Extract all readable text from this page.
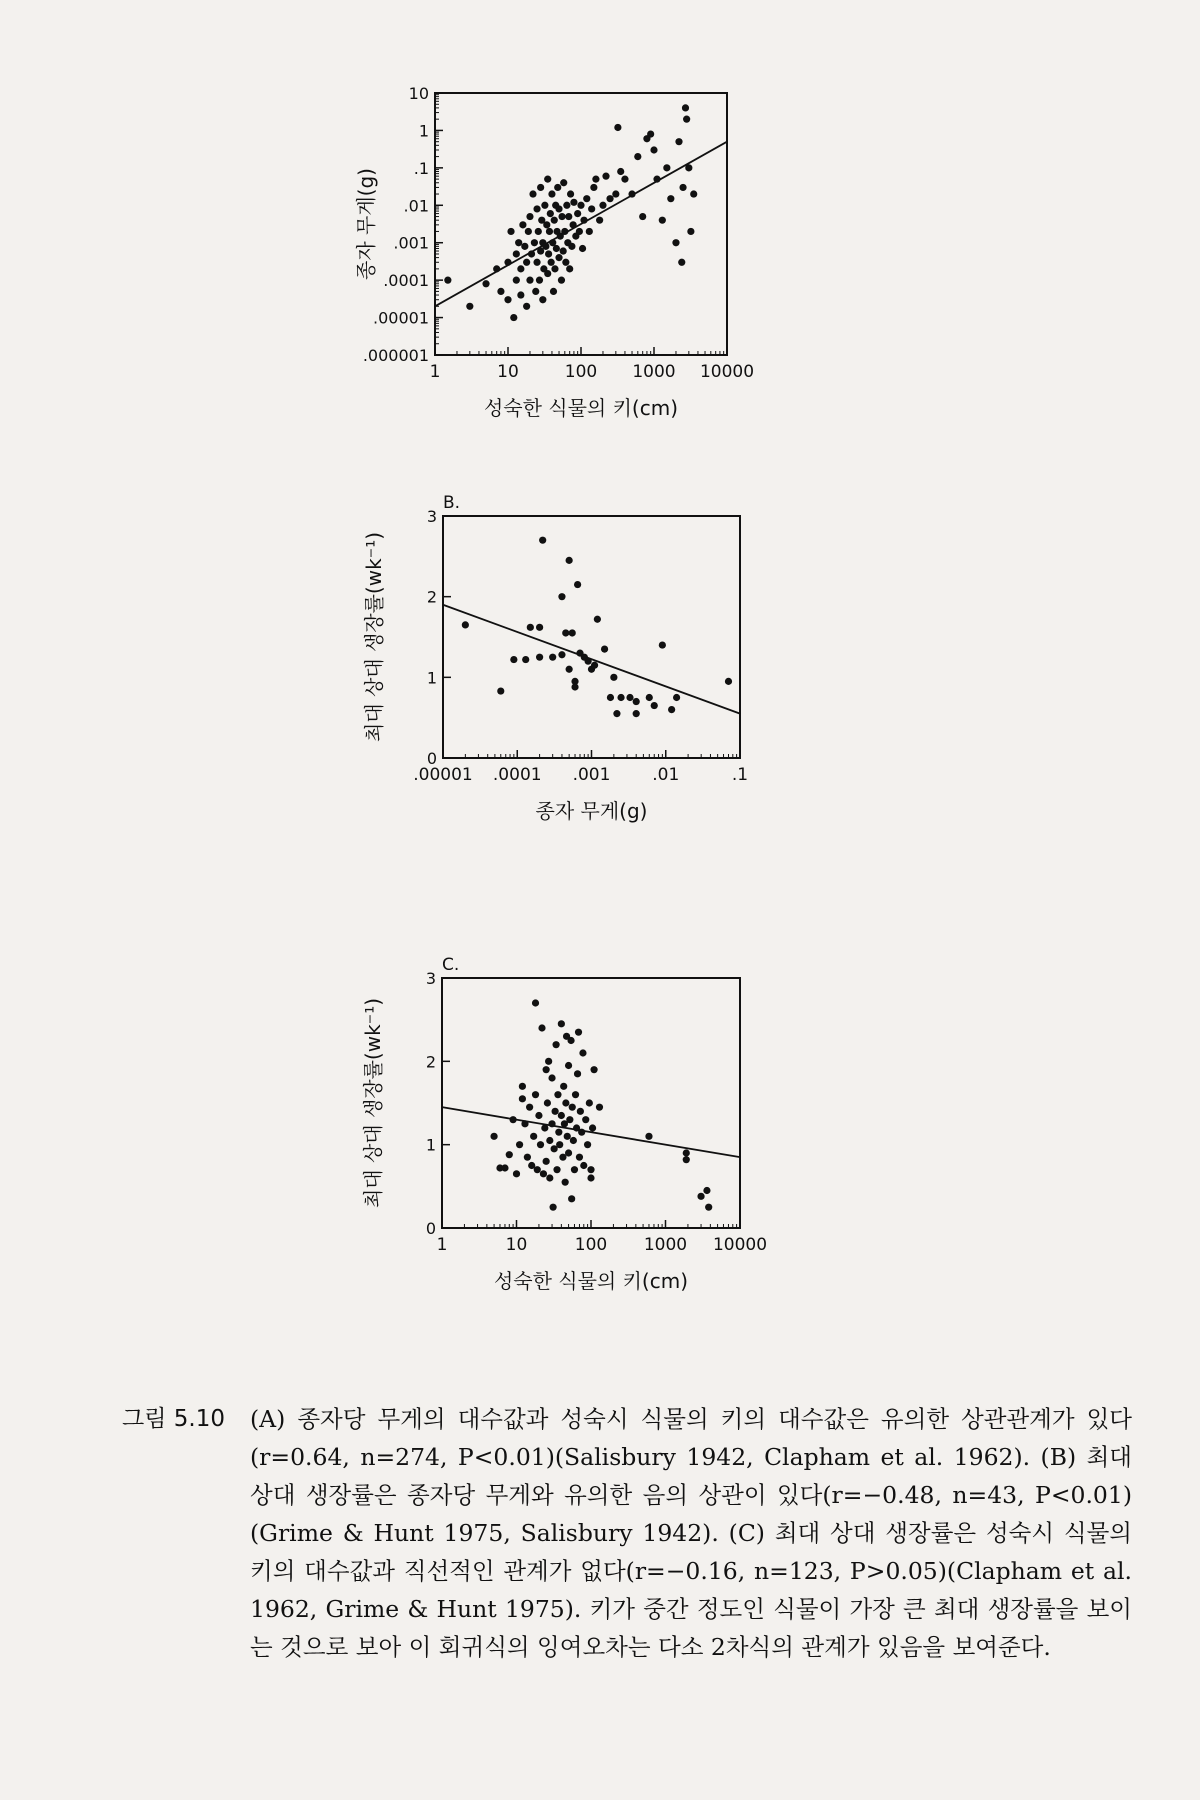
1	10	100 1000 10000
.000001
.00001
.0001
.001
.01
.1
1
10
성숙한 식물의 키(cm)
종자 무게(g)
.00001 .0001 .001 .01	.1
0
1
2
3
B.
종자 무게(g)
최대 상대 생장률(wk⁻¹)
1	10	100 1000 10000
0
1
2
3
C.
성숙한 식물의 키(cm)
최대 상대 생장률(wk⁻¹)
그림 5.10 (A) 종자당 무게의 대수값과 성숙시 식물의 키의 대수값은 유의한 상관관계가 있다 (r=0.64, n=274, P<0.01)(Salisbury 1942, Clapham et al. 1962). (B) 최대 상대 생장률은 종자당 무게와 유의한 음의 상관이 있다(r=−0.48, n=43, P<0.01)(Grime & Hunt 1975, Salisbury 1942). (C) 최대 상대 생장률은 성숙시 식물의 키의 대수값과 직선적인 관계가 없다(r=−0.16, n=123, P>0.05)(Clapham et al. 1962, Grime & Hunt 1975). 키가 중간 정도인 식물이 가장 큰 최대 생장률을 보이는 것으로 보아 이 회귀식의 잉여오차는 다소 2차식의 관계가 있음을 보여준다.
